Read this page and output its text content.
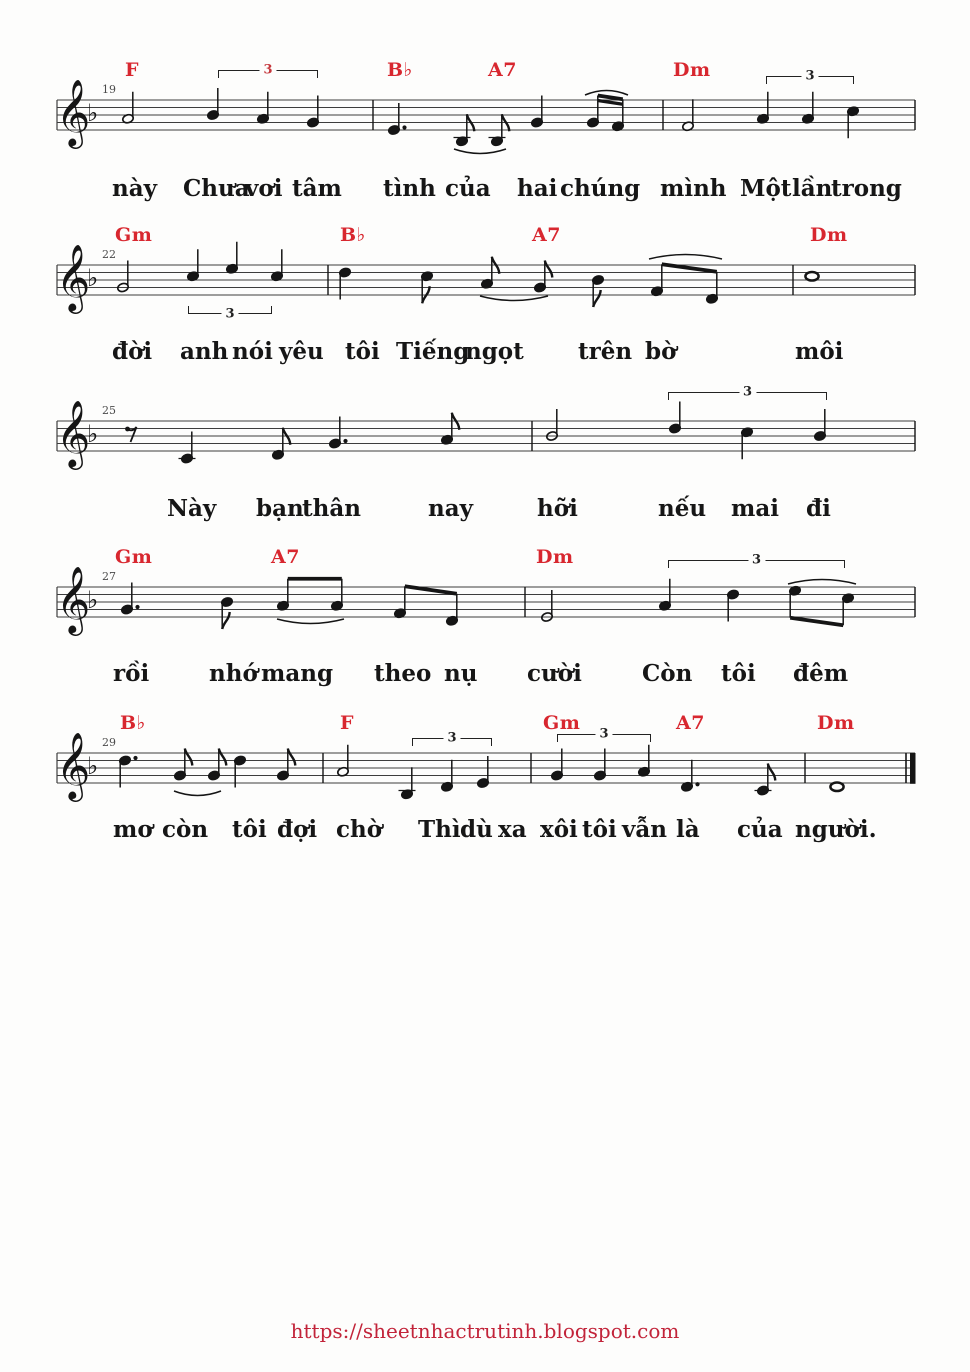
𝄞
♭
𝄞
♭
𝄞
♭
𝄞
♭
𝄞
♭
19
F	B♭	A7	Dm
3	3
22
Gm	B♭	A7	Dm
3
25
3
27
Gm	A7	Dm	3
29
B♭	F	Gm	A7	Dm
3	3
này Chưa
vơi tâm tình của hai chúng mình Một lần
trong
đời anh nói yêu tôi Tiếng
ngọt trên bờ	môi
Này bạn
thân	nay	hỡi	nếu mai đi
rồi	nhớ mang theo nụ cười	Còn tôi đêm
mơ còn tôi đợi chờ Thì dù xa xôi tôi vẫn là của người.
https://sheetnhactrutinh.blogspot.com
